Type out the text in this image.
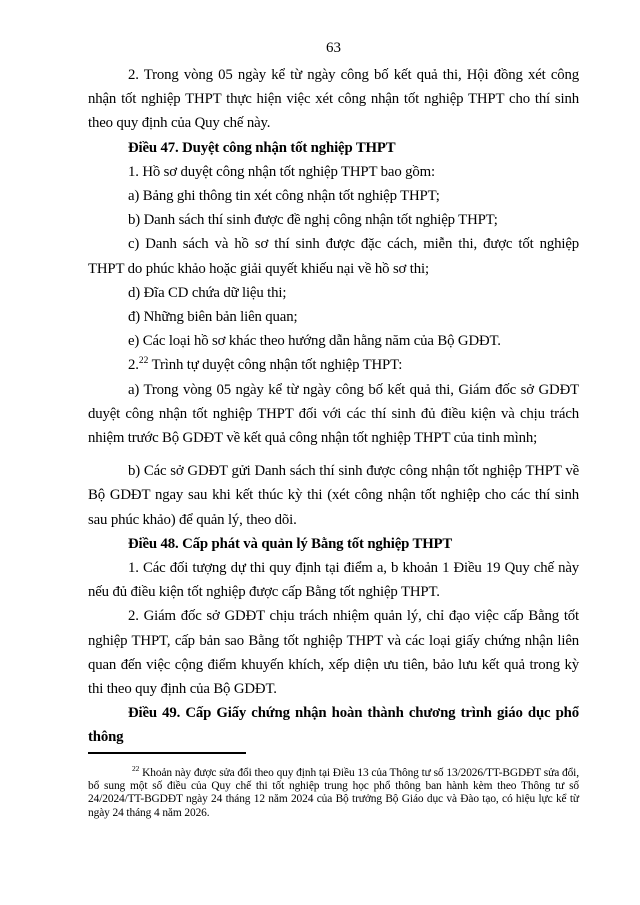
63

2. Trong vòng 05 ngày kể từ ngày công bố kết quả thi, Hội đồng xét công nhận tốt nghiệp THPT thực hiện việc xét công nhận tốt nghiệp THPT cho thí sinh theo quy định của Quy chế này.

Điều 47. Duyệt công nhận tốt nghiệp THPT

1. Hồ sơ duyệt công nhận tốt nghiệp THPT bao gồm:

a) Bảng ghi thông tin xét công nhận tốt nghiệp THPT;

b) Danh sách thí sinh được đề nghị công nhận tốt nghiệp THPT;

c) Danh sách và hồ sơ thí sinh được đặc cách, miễn thi, được tốt nghiệp THPT do phúc khảo hoặc giải quyết khiếu nại về hồ sơ thi;

d) Đĩa CD chứa dữ liệu thi;

đ) Những biên bản liên quan;

e) Các loại hồ sơ khác theo hướng dẫn hằng năm của Bộ GDĐT.

2.22 Trình tự duyệt công nhận tốt nghiệp THPT:

a) Trong vòng 05 ngày kể từ ngày công bố kết quả thi, Giám đốc sở GDĐT duyệt công nhận tốt nghiệp THPT đối với các thí sinh đủ điều kiện và chịu trách nhiệm trước Bộ GDĐT về kết quả công nhận tốt nghiệp THPT của tinh mình;

b) Các sở GDĐT gửi Danh sách thí sinh được công nhận tốt nghiệp THPT về Bộ GDĐT ngay sau khi kết thúc kỳ thi (xét công nhận tốt nghiệp cho các thí sinh sau phúc khảo) để quản lý, theo dõi.

Điều 48. Cấp phát và quản lý Bằng tốt nghiệp THPT

1. Các đối tượng dự thi quy định tại điểm a, b khoản 1 Điều 19 Quy chế này nếu đủ điều kiện tốt nghiệp được cấp Bằng tốt nghiệp THPT.

2. Giám đốc sở GDĐT chịu trách nhiệm quản lý, chỉ đạo việc cấp Bằng tốt nghiệp THPT, cấp bản sao Bằng tốt nghiệp THPT và các loại giấy chứng nhận liên quan đến việc cộng điểm khuyến khích, xếp diện ưu tiên, bảo lưu kết quả trong kỳ thi theo quy định của Bộ GDĐT.

Điều 49. Cấp Giấy chứng nhận hoàn thành chương trình giáo dục phổ thông

$^{22}$ Khoản này được sửa đổi theo quy định tại Điều 13 của Thông tư số 13/2026/TT-BGDĐT sửa đổi, bổ sung một số điều của Quy chế thi tốt nghiệp trung học phổ thông ban hành kèm theo Thông tư số 24/2024/TT-BGDĐT ngày 24 tháng 12 năm 2024 của Bộ trưởng Bộ Giáo dục và Đào tạo, có hiệu lực kể từ ngày 24 tháng 4 năm 2026.
